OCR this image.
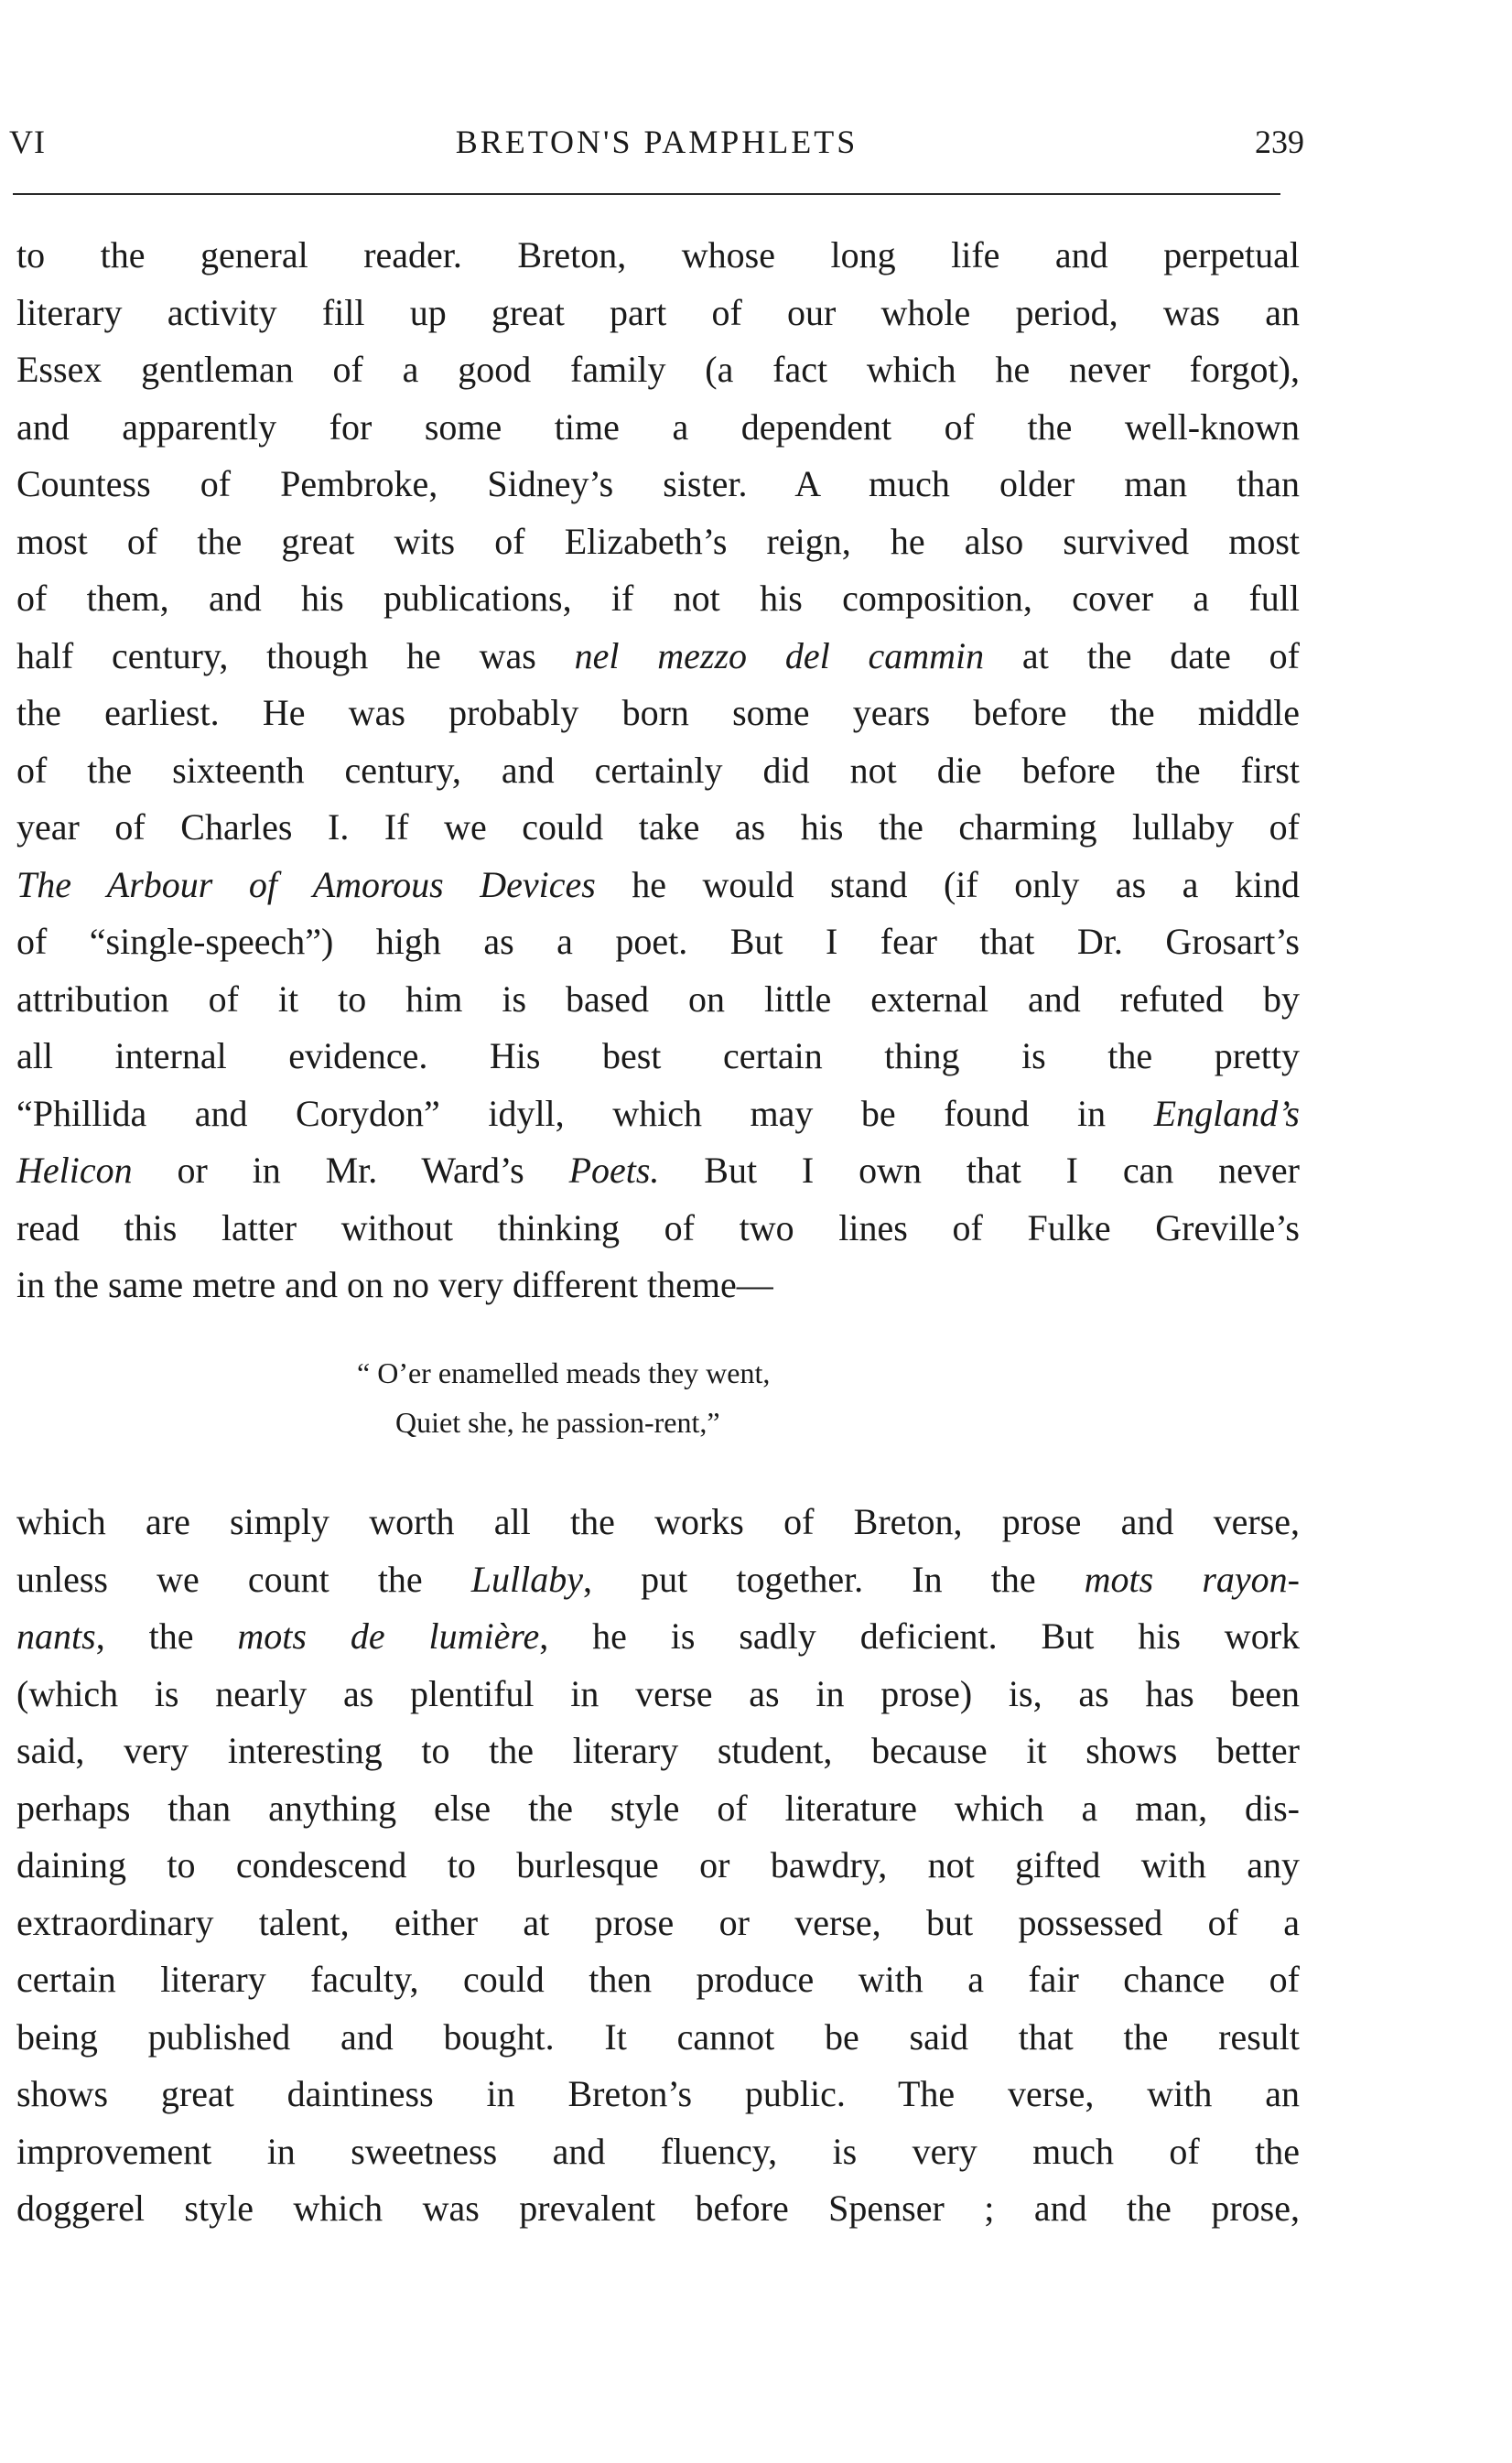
VI	BRETON'S PAMPHLETS	239
to the general reader. Breton, whose long life and perpetual
literary activity fill up great part of our whole period, was an
Essex gentleman of a good family (a fact which he never forgot),
and apparently for some time a dependent of the well-known
Countess of Pembroke, Sidney’s sister. A much older man than
most of the great wits of Elizabeth’s reign, he also survived most
of them, and his publications, if not his composition, cover a full
half century, though he was nel mezzo del cammin at the date of
the earliest. He was probably born some years before the middle
of the sixteenth century, and certainly did not die before the first
year of Charles I. If we could take as his the charming lullaby of
The Arbour of Amorous Devices he would stand (if only as a kind
of “single-speech”) high as a poet. But I fear that Dr. Grosart’s
attribution of it to him is based on little external and refuted by
all internal evidence. His best certain thing is the pretty
“Phillida and Corydon” idyll, which may be found in England’s
Helicon or in Mr. Ward’s Poets. But I own that I can never
read this latter without thinking of two lines of Fulke Greville’s
in the same metre and on no very different theme—
“ O’er enamelled meads they went,
Quiet she, he passion-rent,”
which are simply worth all the works of Breton, prose and verse,
unless we count the Lullaby, put together. In the mots rayon-
nants, the mots de lumière, he is sadly deficient. But his work
(which is nearly as plentiful in verse as in prose) is, as has been
said, very interesting to the literary student, because it shows better
perhaps than anything else the style of literature which a man, dis-
daining to condescend to burlesque or bawdry, not gifted with any
extraordinary talent, either at prose or verse, but possessed of a
certain literary faculty, could then produce with a fair chance of
being published and bought. It cannot be said that the result
shows great daintiness in Breton’s public. The verse, with an
improvement in sweetness and fluency, is very much of the
doggerel style which was prevalent before Spenser ; and the prose,
